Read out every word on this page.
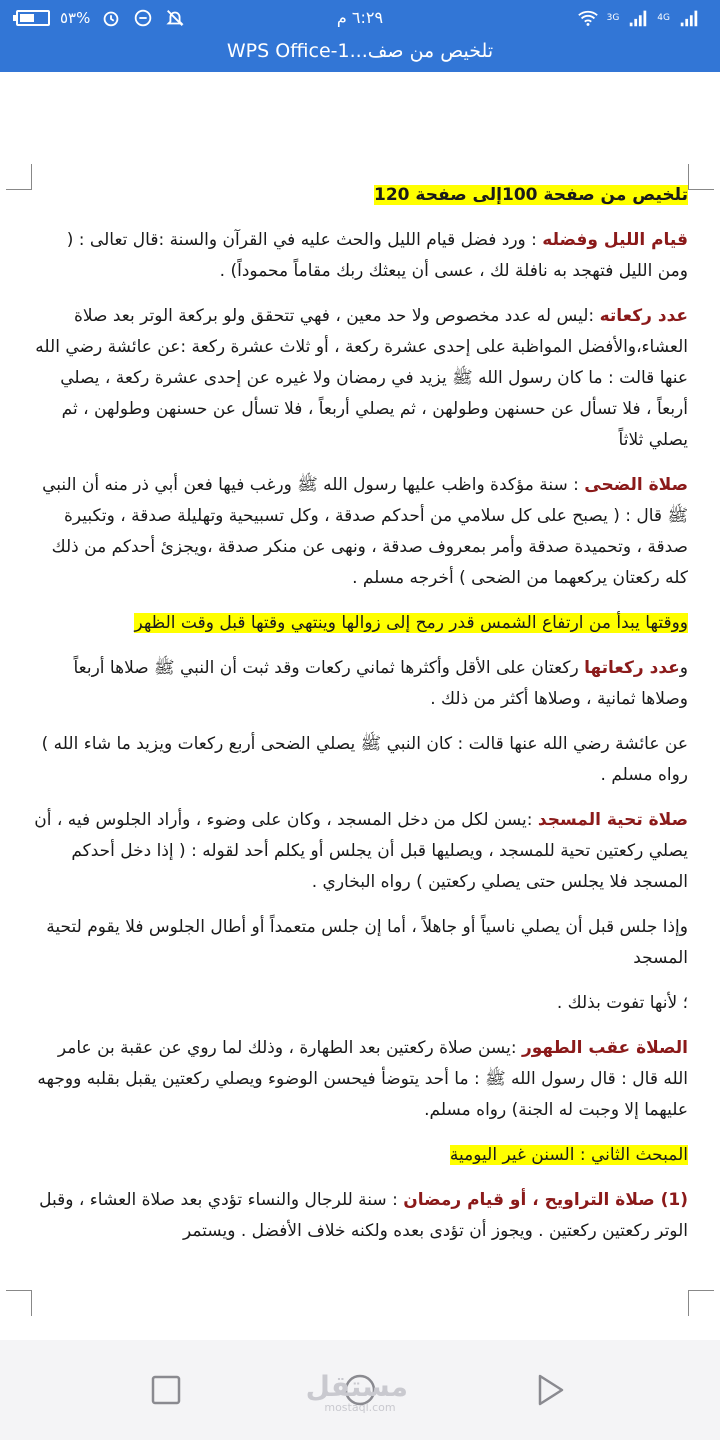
٥٣%	٦:٢٩ م	3G	4G
تلخيص من صف...WPS Office-1

تلخيص من صفحة 100إلى صفحة 120

قيام الليل وفضله : ورد فضل قيام الليل والحث عليه في القرآن والسنة :قال تعالى : ( ومن الليل فتهجد به نافلة لك ، عسى أن يبعثك ربك مقاماً محموداً) .

عدد ركعاته :ليس له عدد مخصوص ولا حد معين ، فهي تتحقق ولو بركعة الوتر بعد صلاة العشاء،والأفضل المواظبة على إحدى عشرة ركعة ، أو ثلاث عشرة ركعة :عن عائشة رضي الله عنها قالت : ما كان رسول الله ﷺ يزيد في رمضان ولا غيره عن إحدى عشرة ركعة ، يصلي أربعاً ، فلا تسأل عن حسنهن وطولهن ، ثم يصلي أربعاً ، فلا تسأل عن حسنهن وطولهن ، ثم يصلي ثلاثاً

صلاة الضحى : سنة مؤكدة واظب عليها رسول الله ﷺ ورغب فيها فعن أبي ذر منه أن النبي ﷺ قال : ( يصبح على كل سلامي من أحدكم صدقة ، وكل تسبيحية وتهليلة صدقة ، وتكبيرة صدقة ، وتحميدة صدقة وأمر بمعروف صدقة ، ونهى عن منكر صدقة ،ويجزئ أحدكم من ذلك كله ركعتان يركعهما من الضحى ) أخرجه مسلم .

ووقتها يبدأ من ارتفاع الشمس قدر رمح إلى زوالها وينتهي وقتها قبل وقت الظهر

وعدد ركعاتها ركعتان على الأقل وأكثرها ثماني ركعات وقد ثبت أن النبي ﷺ صلاها أربعاً وصلاها ثمانية ، وصلاها أكثر من ذلك .

عن عائشة رضي الله عنها قالت : كان النبي ﷺ يصلي الضحى أربع ركعات ويزيد ما شاء الله ) رواه مسلم .

صلاة تحية المسجد :يسن لكل من دخل المسجد ، وكان على وضوء ، وأراد الجلوس فيه ، أن يصلي ركعتين تحية للمسجد ، ويصليها قبل أن يجلس أو يكلم أحد لقوله : ( إذا دخل أحدكم المسجد فلا يجلس حتى يصلي ركعتين ) رواه البخاري .

وإذا جلس قبل أن يصلي ناسياً أو جاهلاً ، أما إن جلس متعمداً أو أطال الجلوس فلا يقوم لتحية المسجد

؛ لأنها تفوت بذلك .

الصلاة عقب الطهور :يسن صلاة ركعتين بعد الطهارة ، وذلك لما روي عن عقبة بن عامر الله قال : قال رسول الله ﷺ : ما أحد يتوضأ فيحسن الوضوء ويصلي ركعتين يقبل بقلبه ووجهه عليهما إلا وجبت له الجنة) رواه مسلم.

المبحث الثاني : السنن غير اليومية

(1) صلاة التراويح ، أو قيام رمضان : سنة للرجال والنساء تؤدي بعد صلاة العشاء ، وقبل الوتر ركعتين ركعتين . ويجوز أن تؤدى بعده ولكنه خلاف الأفضل . ويستمر

مستقل
mostaql.com
